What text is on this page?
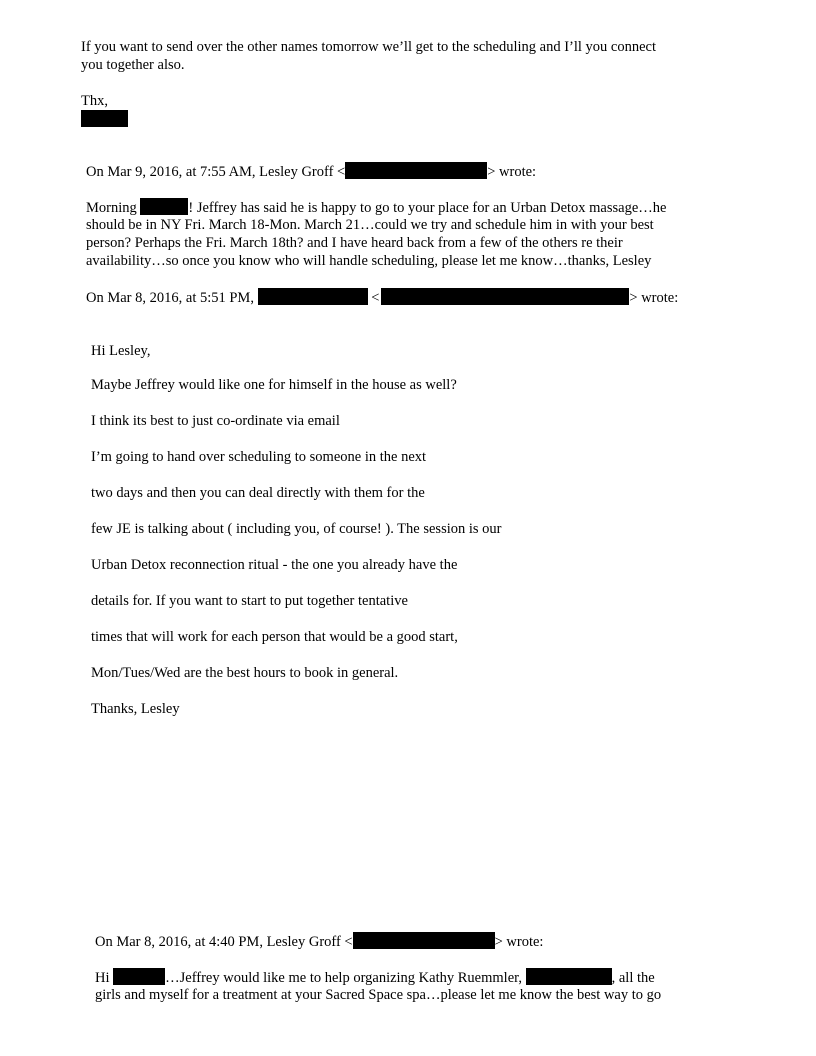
If you want to send over the other names tomorrow we’ll get to the scheduling and I’ll you connect
you together also.
Thx,
On Mar 9, 2016, at 7:55 AM, Lesley Groff <	> wrote:
Morning	! Jeffrey has said he is happy to go to your place for an Urban Detox massage…he
should be in NY Fri. March 18-Mon. March 21…could we try and schedule him in with your best
person? Perhaps the Fri. March 18th? and I have heard back from a few of the others re their
availability…so once you know who will handle scheduling, please let me know…thanks, Lesley
On Mar 8, 2016, at 5:51 PM,	<	> wrote:
Hi Lesley,
Maybe Jeffrey would like one for himself in the house as well?
I think its best to just co-ordinate via email
I’m going to hand over scheduling to someone in the next
two days and then you can deal directly with them for the
few JE is talking about ( including you, of course! ). The session is our
Urban Detox reconnection ritual - the one you already have the
details for. If you want to start to put together tentative
times that will work for each person that would be a good start,
Mon/Tues/Wed are the best hours to book in general.
Thanks, Lesley
On Mar 8, 2016, at 4:40 PM, Lesley Groff <	> wrote:
Hi	…Jeffrey would like me to help organizing Kathy Ruemmler,	, all the
girls and myself for a treatment at your Sacred Space spa…please let me know the best way to go
